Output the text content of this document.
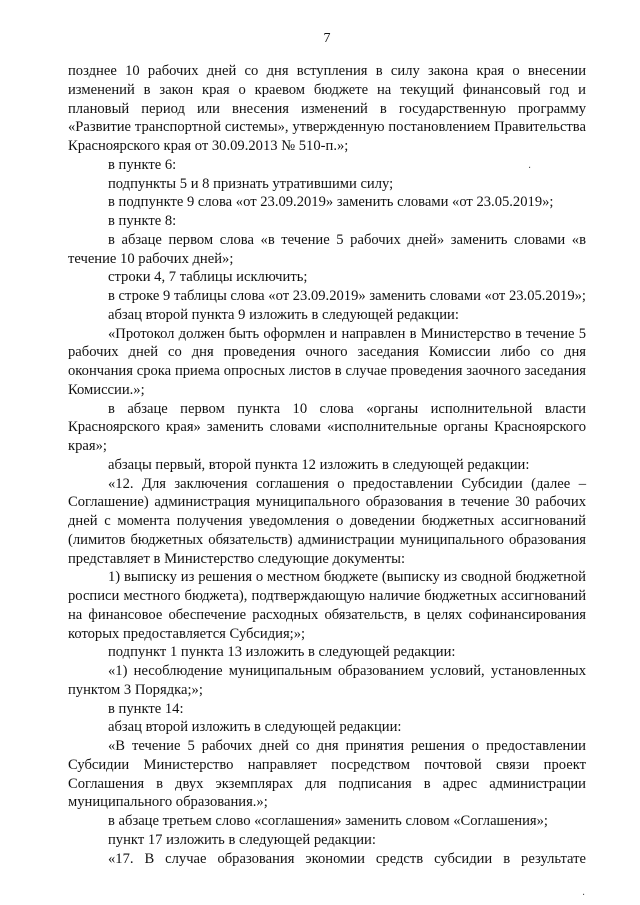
7

позднее 10 рабочих дней со дня вступления в силу закона края о внесении изменений в закон края о краевом бюджете на текущий финансовый год и плановый период или внесения изменений в государственную программу «Развитие транспортной системы», утвержденную постановлением Правительства Красноярского края от 30.09.2013 № 510-п.»;

в пункте 6:

подпункты 5 и 8 признать утратившими силу;

в подпункте 9 слова «от 23.09.2019» заменить словами «от 23.05.2019»;

в пункте 8:

в абзаце первом слова «в течение 5 рабочих дней» заменить словами «в течение 10 рабочих дней»;

строки 4, 7 таблицы исключить;

в строке 9 таблицы слова «от 23.09.2019» заменить словами «от 23.05.2019»;

абзац второй пункта 9 изложить в следующей редакции:

«Протокол должен быть оформлен и направлен в Министерство в течение 5 рабочих дней со дня проведения очного заседания Комиссии либо со дня окончания срока приема опросных листов в случае проведения заочного заседания Комиссии.»;

в абзаце первом пункта 10 слова «органы исполнительной власти Красноярского края» заменить словами «исполнительные органы Красноярского края»;

абзацы первый, второй пункта 12 изложить в следующей редакции:

«12. Для заключения соглашения о предоставлении Субсидии (далее – Соглашение) администрация муниципального образования в течение 30 рабочих дней с момента получения уведомления о доведении бюджетных ассигнований (лимитов бюджетных обязательств) администрации муниципального образования представляет в Министерство следующие документы:

1) выписку из решения о местном бюджете (выписку из сводной бюджетной росписи местного бюджета), подтверждающую наличие бюджетных ассигнований на финансовое обеспечение расходных обязательств, в целях софинансирования которых предоставляется Субсидия;»;

подпункт 1 пункта 13 изложить в следующей редакции:

«1) несоблюдение муниципальным образованием условий, установленных пунктом 3 Порядка;»;

в пункте 14:

абзац второй изложить в следующей редакции:

«В течение 5 рабочих дней со дня принятия решения о предоставлении Субсидии Министерство направляет посредством почтовой связи проект Соглашения в двух экземплярах для подписания в адрес администрации муниципального образования.»;

в абзаце третьем слово «соглашения» заменить словом «Соглашения»;

пункт 17 изложить в следующей редакции:

«17. В случае образования экономии средств субсидии в результате

·
·
